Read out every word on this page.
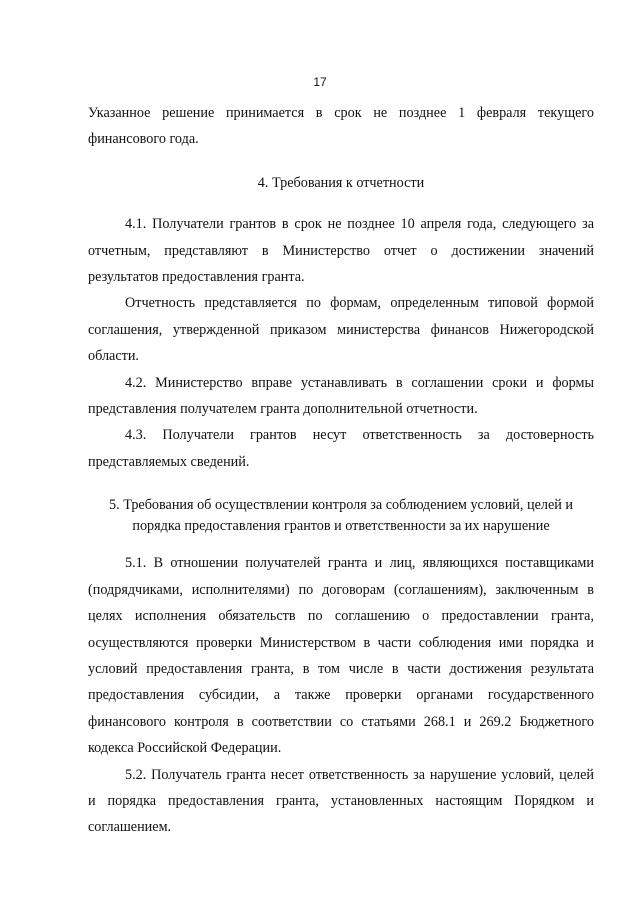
17

Указанное решение принимается в срок не позднее 1 февраля текущего финансового года.

4. Требования к отчетности

4.1. Получатели грантов в срок не позднее 10 апреля года, следующего за отчетным, представляют в Министерство отчет о достижении значений результатов предоставления гранта.

Отчетность представляется по формам, определенным типовой формой соглашения, утвержденной приказом министерства финансов Нижегородской области.

4.2. Министерство вправе устанавливать в соглашении сроки и формы представления получателем гранта дополнительной отчетности.

4.3. Получатели грантов несут ответственность за достоверность представляемых сведений.

5. Требования об осуществлении контроля за соблюдением условий, целей и порядка предоставления грантов и ответственности за их нарушение

5.1. В отношении получателей гранта и лиц, являющихся поставщиками (подрядчиками, исполнителями) по договорам (соглашениям), заключенным в целях исполнения обязательств по соглашению о предоставлении гранта, осуществляются проверки Министерством в части соблюдения ими порядка и условий предоставления гранта, в том числе в части достижения результата предоставления субсидии, а также проверки органами государственного финансового контроля в соответствии со статьями 268.1 и 269.2 Бюджетного кодекса Российской Федерации.

5.2. Получатель гранта несет ответственность за нарушение условий, целей и порядка предоставления гранта, установленных настоящим Порядком и соглашением.
